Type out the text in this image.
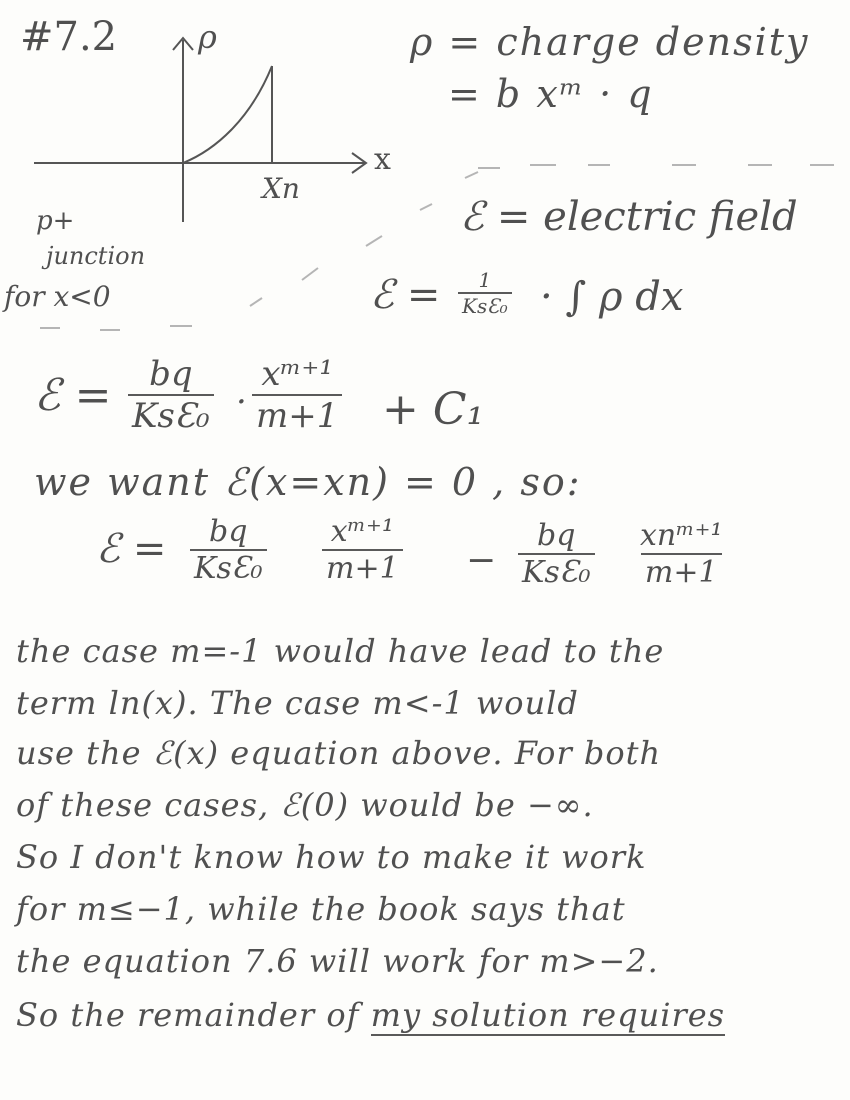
#7.2	ρ
x
Xn
p+
junction
for x<0
ρ = charge density
= b xᵐ · q
ℰ = electric field
ℰ = 1
KsƐ₀ · ∫ ρ dx
ℰ = bq
KsƐ₀ · $\frac{\text{xᵐ⁺¹}}{m+1} + C_1$
we want ℰ(x=xn) = 0 , so:
ℰ = bq
KsƐ₀ $\frac{\text{xᵐ⁺¹}}{m+1}$ −
bq
KsƐ₀
xnᵐ⁺¹
m+1
the case m=-1 would have lead to the
term ln(x). The case m<-1 would
use the ℰ(x) equation above. For both
of these cases, ℰ(0) would be −∞.
So I don't know how to make it work
for m≤−1, while the book says that
the equation 7.6 will work for m>−2.
So the remainder of my solution requires
